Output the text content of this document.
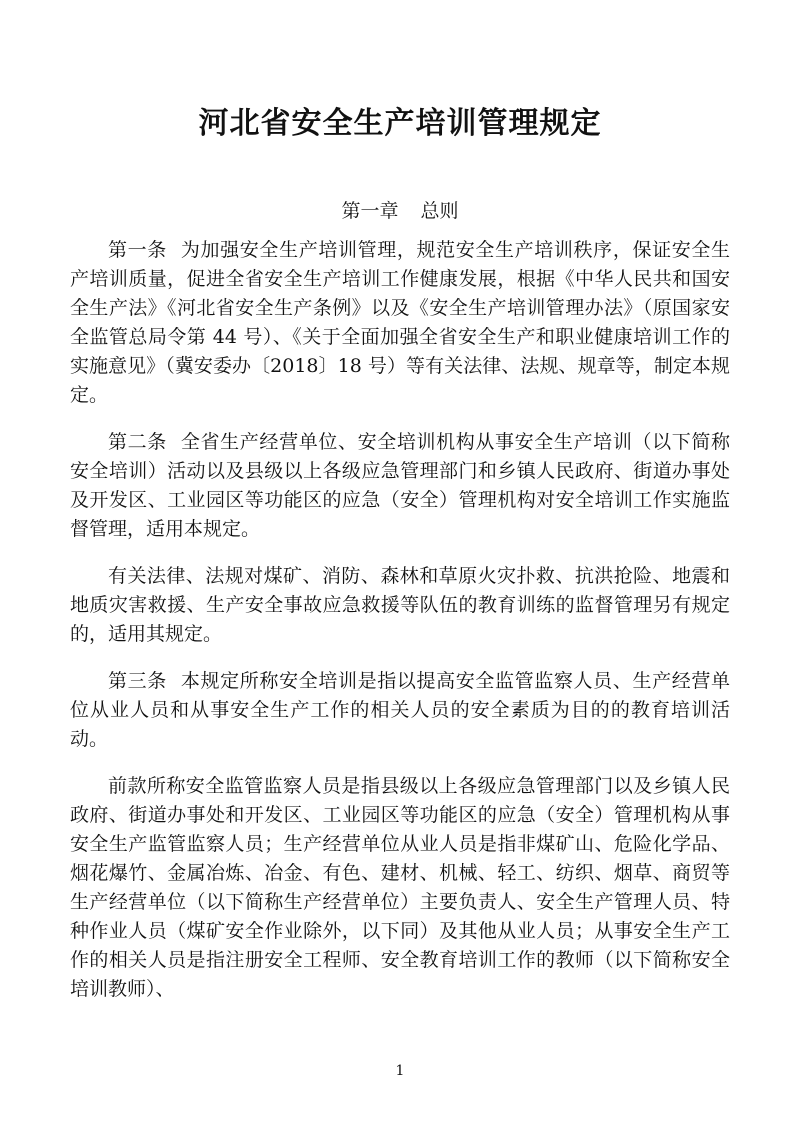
河北省安全生产培训管理规定
第一章 总则

第一条 为加强安全生产培训管理，规范安全生产培训秩序，保证安全生产培训质量，促进全省安全生产培训工作健康发展，根据《中华人民共和国安全生产法》《河北省安全生产条例》以及《安全生产培训管理办法》（原国家安全监管总局令第 44 号）、《关于全面加强全省安全生产和职业健康培训工作的实施意见》（冀安委办〔2018〕18 号）等有关法律、法规、规章等，制定本规定。

第二条 全省生产经营单位、安全培训机构从事安全生产培训（以下简称安全培训）活动以及县级以上各级应急管理部门和乡镇人民政府、街道办事处及开发区、工业园区等功能区的应急（安全）管理机构对安全培训工作实施监督管理，适用本规定。

有关法律、法规对煤矿、消防、森林和草原火灾扑救、抗洪抢险、地震和地质灾害救援、生产安全事故应急救援等队伍的教育训练的监督管理另有规定的，适用其规定。

第三条 本规定所称安全培训是指以提高安全监管监察人员、生产经营单位从业人员和从事安全生产工作的相关人员的安全素质为目的的教育培训活动。

前款所称安全监管监察人员是指县级以上各级应急管理部门以及乡镇人民政府、街道办事处和开发区、工业园区等功能区的应急（安全）管理机构从事安全生产监管监察人员；生产经营单位从业人员是指非煤矿山、危险化学品、烟花爆竹、金属冶炼、冶金、有色、建材、机械、轻工、纺织、烟草、商贸等生产经营单位（以下简称生产经营单位）主要负责人、安全生产管理人员、特种作业人员（煤矿安全作业除外，以下同）及其他从业人员；从事安全生产工作的相关人员是指注册安全工程师、安全教育培训工作的教师（以下简称安全培训教师）、

1
